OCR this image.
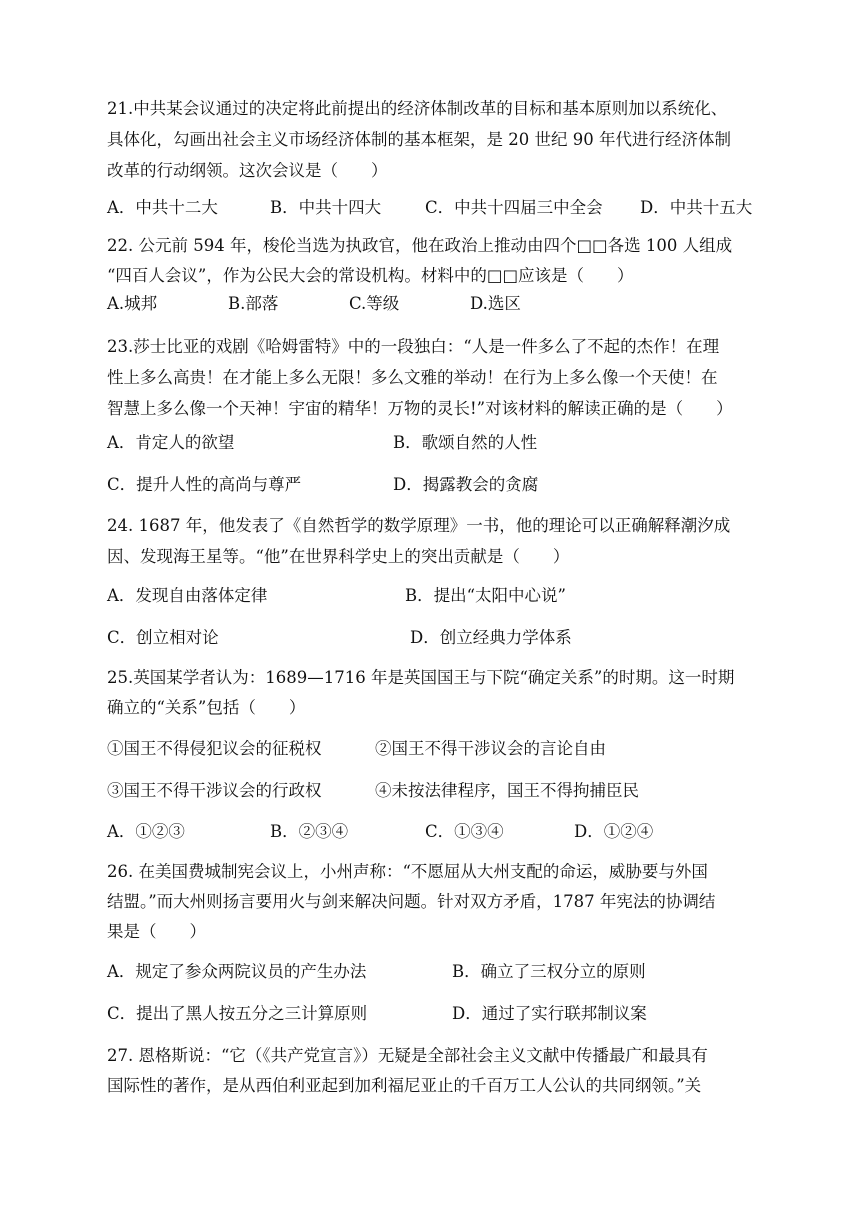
21.中共某会议通过的决定将此前提出的经济体制改革的目标和基本原则加以系统化、
具体化，勾画出社会主义市场经济体制的基本框架，是 20 世纪 90 年代进行经济体制
改革的行动纲领。这次会议是（　　）
A．中共十二大	B．中共十四大	C．中共十四届三中全会 D．中共十五大
22. 公元前 594 年，梭伦当选为执政官，他在政治上推动由四个□□各选 100 人组成
“四百人会议”，作为公民大会的常设机构。材料中的□□应该是（　　）
A.城邦	B.部落	C.等级	D.选区
23.莎士比亚的戏剧《哈姆雷特》中的一段独白：“人是一件多么了不起的杰作！在理
性上多么高贵！在才能上多么无限！多么文雅的举动！在行为上多么像一个天使！在
智慧上多么像一个天神！宇宙的精华！万物的灵长!”对该材料的解读正确的是（　　）
A．肯定人的欲望	B．歌颂自然的人性
C．提升人性的高尚与尊严	D．揭露教会的贪腐
24. 1687 年，他发表了《自然哲学的数学原理》一书，他的理论可以正确解释潮汐成
因、发现海王星等。“他”在世界科学史上的突出贡献是（　　）
A．发现自由落体定律	B．提出“太阳中心说”
C．创立相对论	D．创立经典力学体系
25.英国某学者认为：1689—1716 年是英国国王与下院“确定关系”的时期。这一时期
确立的“关系”包括（　　）
①国王不得侵犯议会的征税权	②国王不得干涉议会的言论自由
③国王不得干涉议会的行政权	④未按法律程序，国王不得拘捕臣民
A．①②③	B．②③④	C．①③④	D．①②④
26. 在美国费城制宪会议上，小州声称：“不愿屈从大州支配的命运，威胁要与外国
结盟。”而大州则扬言要用火与剑来解决问题。针对双方矛盾，1787 年宪法的协调结
果是（　　）
A．规定了参众两院议员的产生办法	B．确立了三权分立的原则
C．提出了黑人按五分之三计算原则	D．通过了实行联邦制议案
27. 恩格斯说：“它（《共产党宣言》）无疑是全部社会主义文献中传播最广和最具有
国际性的著作，是从西伯利亚起到加利福尼亚止的千百万工人公认的共同纲领。”关
